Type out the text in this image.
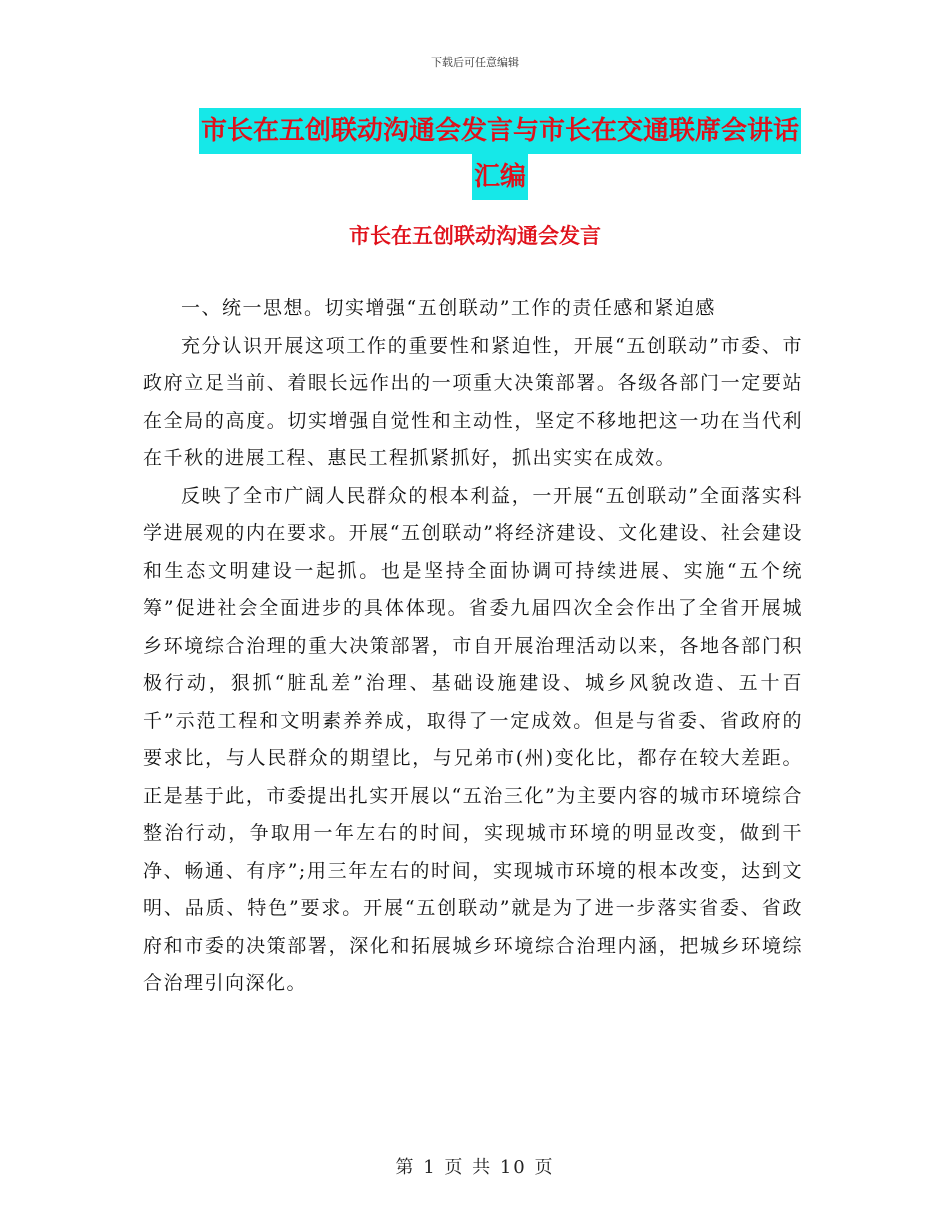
下载后可任意编辑
市长在五创联动沟通会发言与市长在交通联席会讲话
汇编
市长在五创联动沟通会发言

一、统一思想。切实增强“五创联动”工作的责任感和紧迫感

充分认识开展这项工作的重要性和紧迫性，开展“五创联动”市委、市政府立足当前、着眼长远作出的一项重大决策部署。各级各部门一定要站在全局的高度。切实增强自觉性和主动性，坚定不移地把这一功在当代利在千秋的进展工程、惠民工程抓紧抓好，抓出实实在成效。

反映了全市广阔人民群众的根本利益，一开展“五创联动”全面落实科学进展观的内在要求。开展“五创联动”将经济建设、文化建设、社会建设和生态文明建设一起抓。也是坚持全面协调可持续进展、实施“五个统筹”促进社会全面进步的具体体现。省委九届四次全会作出了全省开展城乡环境综合治理的重大决策部署，市自开展治理活动以来，各地各部门积极行动，狠抓“脏乱差”治理、基础设施建设、城乡风貌改造、五十百千”示范工程和文明素养养成，取得了一定成效。但是与省委、省政府的要求比，与人民群众的期望比，与兄弟市(州)变化比，都存在较大差距。正是基于此，市委提出扎实开展以“五治三化”为主要内容的城市环境综合整治行动，争取用一年左右的时间，实现城市环境的明显改变，做到干净、畅通、有序”;用三年左右的时间，实现城市环境的根本改变，达到文明、品质、特色”要求。开展“五创联动”就是为了进一步落实省委、省政府和市委的决策部署，深化和拓展城乡环境综合治理内涵，把城乡环境综合治理引向深化。

第 1 页 共 10 页
